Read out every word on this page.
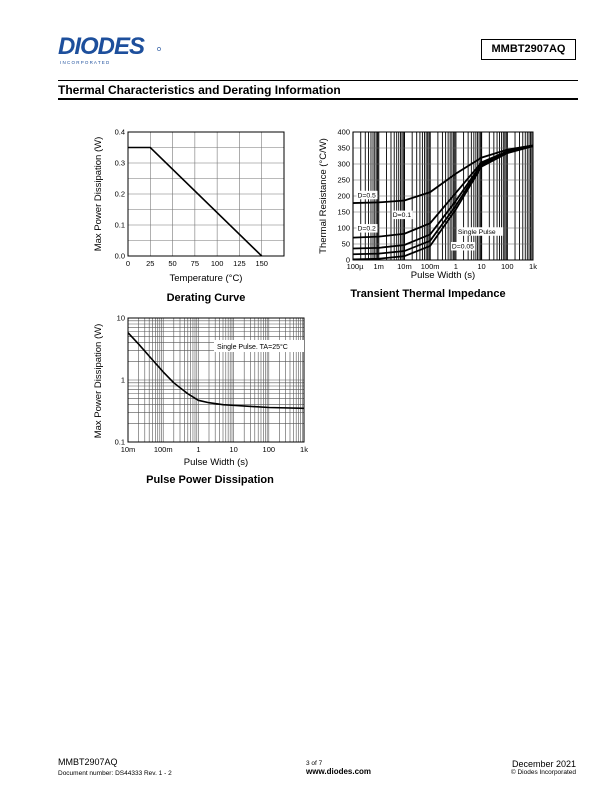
DIODES
I N C O R P O R A T E D
MMBT2907AQ
Thermal Characteristics and Derating Information
0 25 50 75 100 125 150
0.0
0.1
0.2
0.3
0.4
Temperature (°C)
Max Power Dissipation (W)
Derating Curve
100µ 1m 10m 100m 1	10 100 1k
0
50
100
150
200
250
300
350
400
D=0.5
D=0.2
D=0.1
D=0.05
Single Pulse
Pulse Width (s)
Thermal Resistance (°C/W)
Transient Thermal Impedance
10m 100m	1	10	100	1k
0.1
1
10
Single Pulse. TA=25°C
Pulse Width (s)
Max Power Dissipation (W)
Pulse Power Dissipation
MMBT2907AQ
Document number: DS44333 Rev. 1 - 2
3 of 7
www.diodes.com
December 2021
© Diodes Incorporated
